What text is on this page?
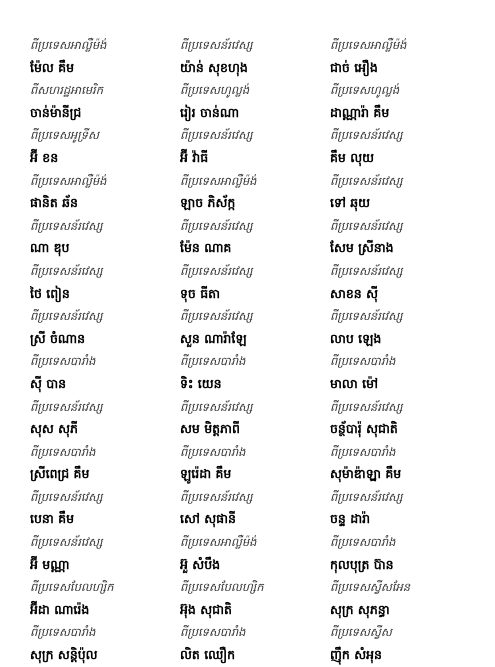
ពីប្រទេសអាល្លឺម៉ង់	ពីប្រទេសន័រវេស្ស	ពីប្រទេសអាល្លឺម៉ង់
ម៉ែល គឹម	យ៉ាន់ សុខហុង	ជាច់ អឿង
ពីសហរដ្ឋអាមេរិក	ពីប្រទេសហូល្លង់	ពីប្រទេសហូល្លង់
ចាន់ម៉ានីជ្រ	រៀរ ចាន់ណា	ដាណ្ណារ៉ា គឹម
ពីប្រទេសអូទ្រីស	ពីប្រទេសន័រវេស្ស	ពីប្រទេសន័រវេស្ស
អ៊ី ខន	អ៊ី វ៉ាធី	គឹម លុយ
ពីប្រទេសអាល្លឺម៉ង់	ពីប្រទេសអាល្លឺម៉ង់	ពីប្រទេសន័រវេស្ស
ផានិត ឆ័ន	ឡាច ភិស័ក្ក	ទៅ ឆុយ
ពីប្រទេសន័រវេស្ស	ពីប្រទេសន័រវេស្ស	ពីប្រទេសន័រវេស្ស
ណា ឌុប	ម៉ែន ណាគ	សែម ស្រីនាង
ពីប្រទេសន័រវេស្ស	ពីប្រទេសន័រវេស្ស	ពីប្រទេសន័រវេស្ស
ថៃ ពៀន	ទុច ធីតា	សាខន ស៊ី
ពីប្រទេសន័រវេស្ស	ពីប្រទេសន័រវេស្ស	ពីប្រទេសន័រវេស្ស
ស្រី ចំណាន	សួន ណារ៉ាឡែ	លាប ឡេង
ពីប្រទេសបារាំង	ពីប្រទេសបារាំង	ពីប្រទេសបារាំង
ស៊ី បាន	ទិះ យេន	មាលា ម៉ៅ
ពីប្រទេសន័រវេស្ស	ពីប្រទេសន័រវេស្ស	ពីប្រទេសន័រវេស្ស
សុស សុភី	សម មិត្តភាពី	ចន្ថ័បារ៉ុ សុជាតិ
ពីប្រទេសបារាំង	ពីប្រទេសបារាំង	ពីប្រទេសបារាំង
ស្រីពេជ្រ គឹម	ឡូរ៉េដា គឹម	សុម៉ាឌ៉ាឡ្នា គឹម
ពីប្រទេសន័រវេស្ស	ពីប្រទេសន័រវេស្ស	ពីប្រទេសន័រវេស្ស
បេនា គឹម	សៅ សុផានី	ចន្ទ ដារ៉ា
ពីប្រទេសន័រវេស្ស	ពីប្រទេសអាល្លឺម៉ង់	ពីប្រទេសបារាំង
អ៊ី មណ្ណា	អ៊ួ សំបឹង	កុលបុត្រ ប៊ាន
ពីប្រទេសបែលហ្សិក	ពីប្រទេសបែលហ្សិក	ពីប្រទេសស្វីសអែន
អ៊ីដា ណារ៉េង	អ៊ុង សុជាតិ	សុក្រ សុភន្ធា
ពីប្រទេសបារាំង	ពីប្រទេសបារាំង	ពីប្រទេសស្វីស
សុក្រ សន្តិប៉ុល	លិត ឈឿក	ញ៉ឹក សំអុន
